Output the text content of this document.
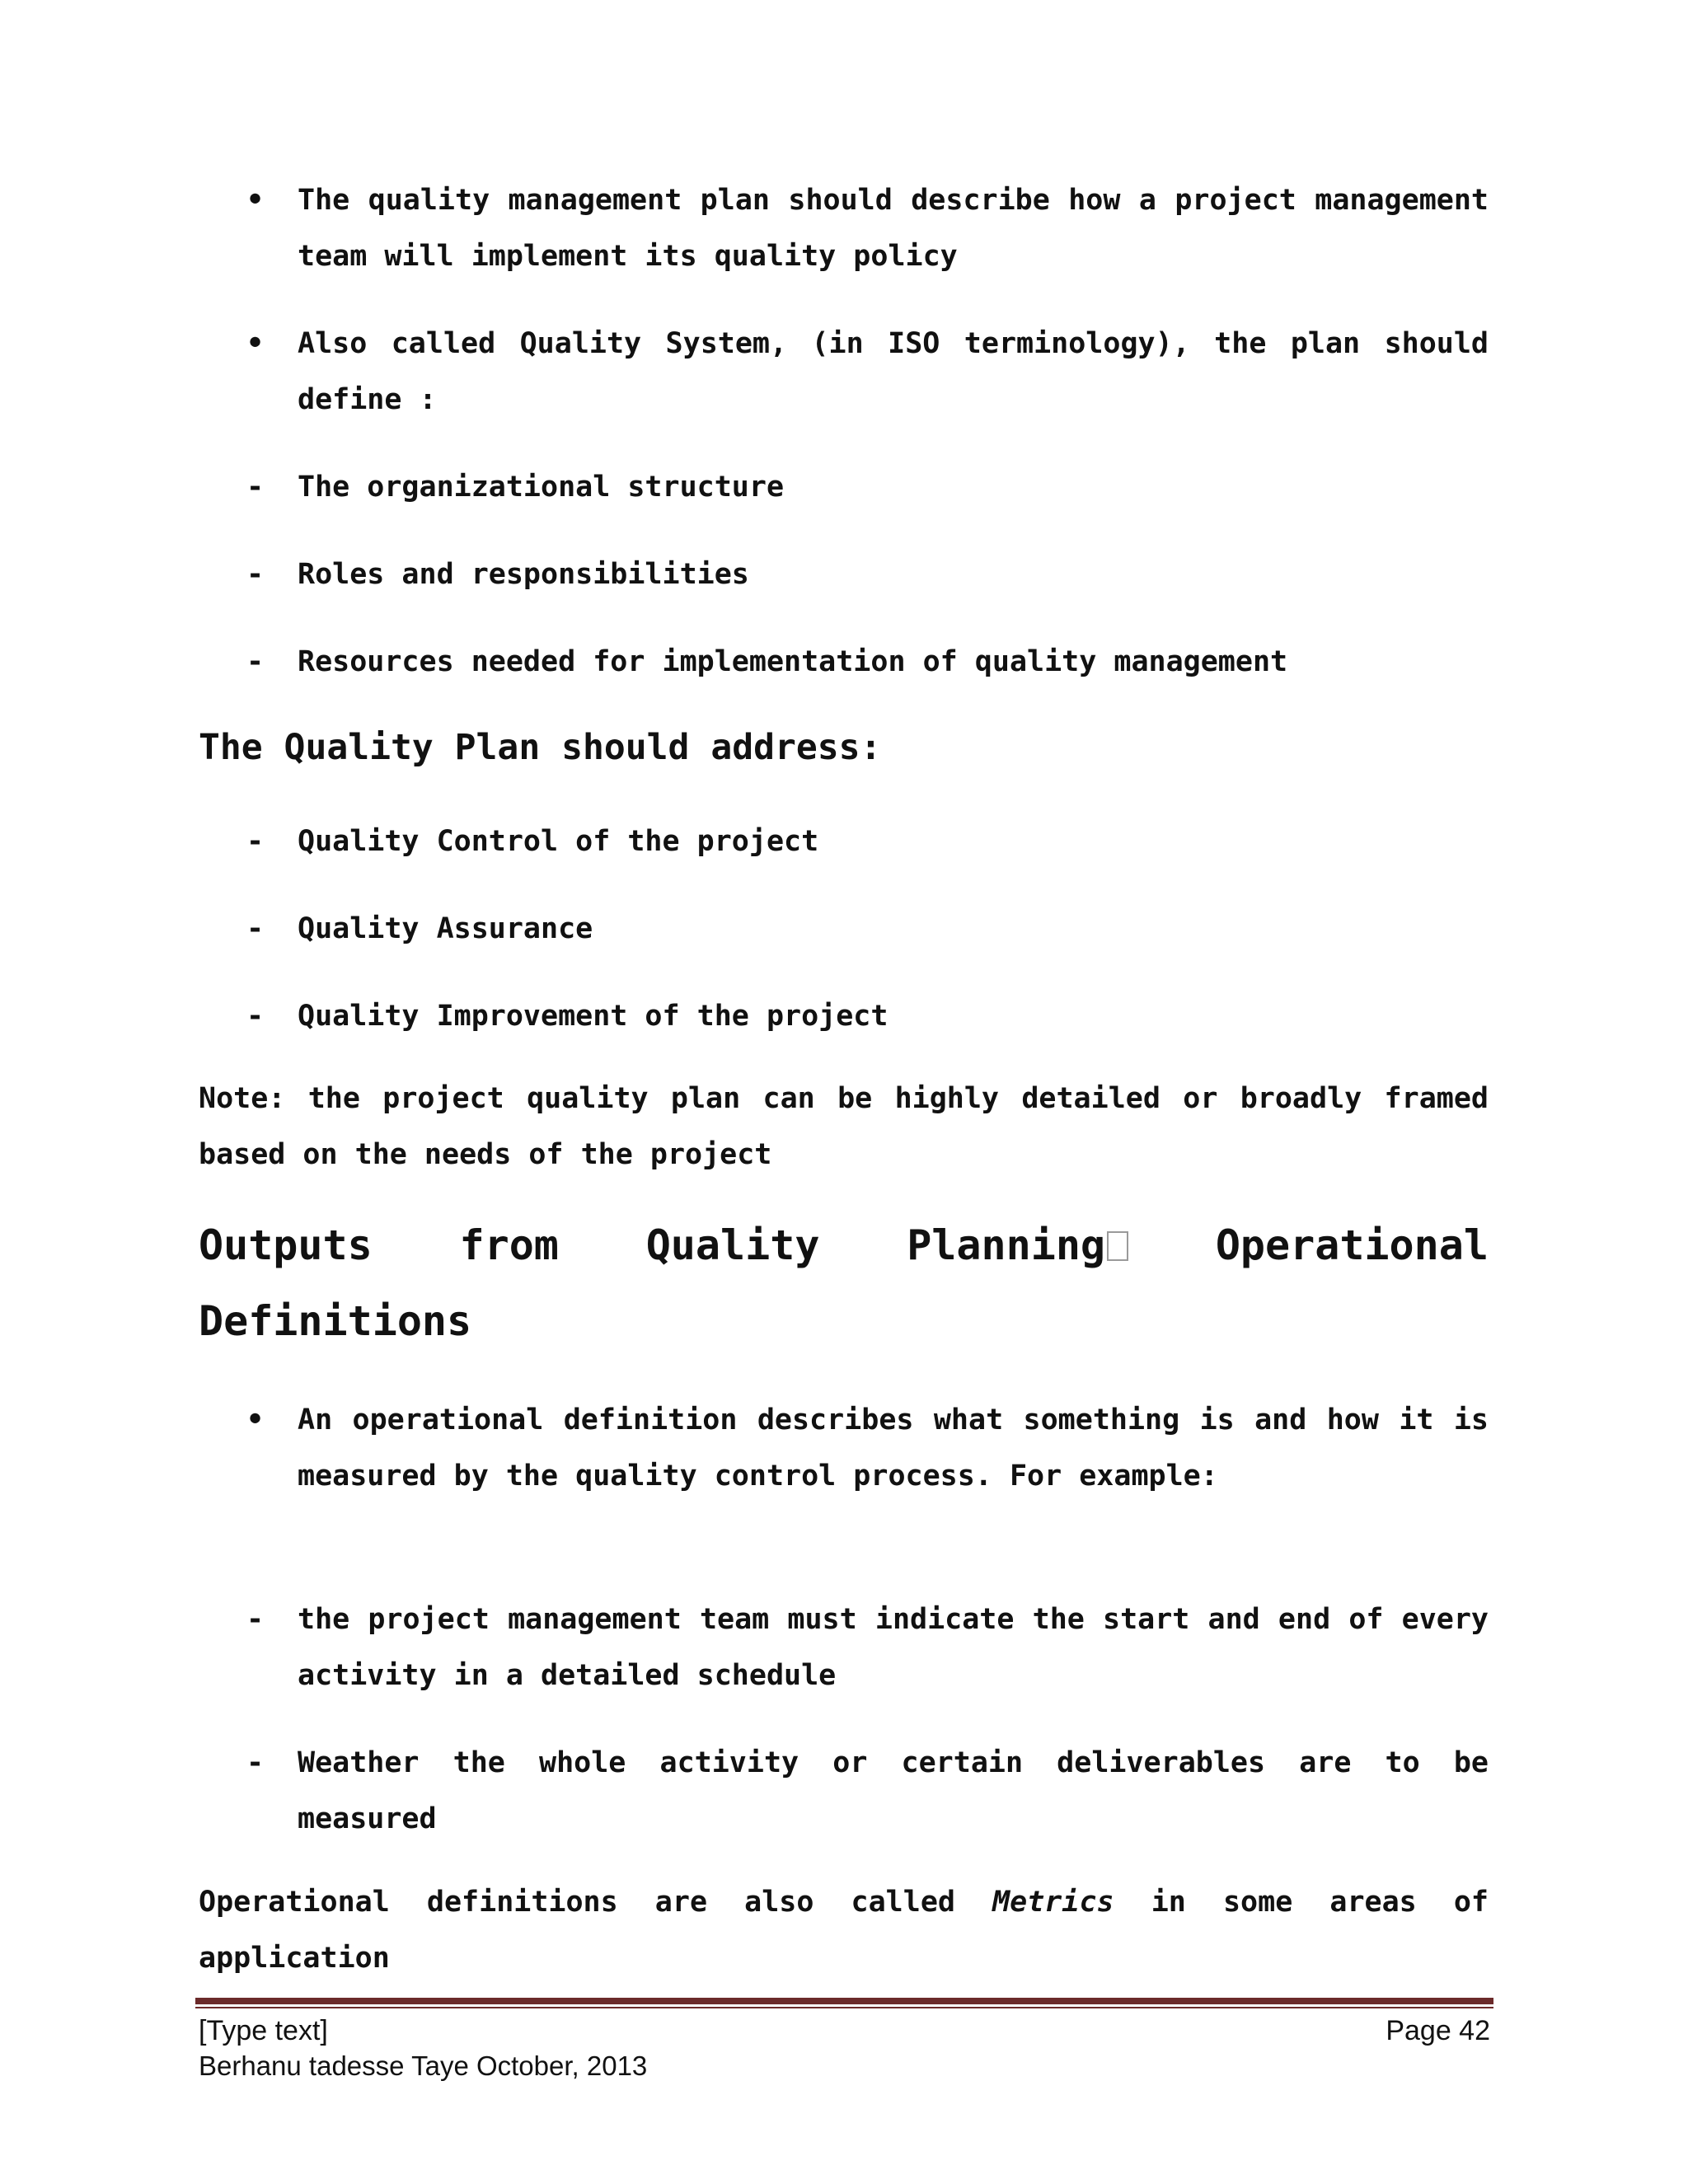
•	The quality management plan should describe how a project management team will implement its quality policy
•	Also called Quality System, (in ISO terminology), the plan should define :
-	The organizational structure
-	Roles and responsibilities
-	Resources needed for implementation of quality management
The Quality Plan should address:
-	Quality Control of the project
-	Quality Assurance
-	Quality Improvement of the project
Note: the project quality plan can be highly detailed or broadly framed based on the needs of the project
Outputs from Quality Planning	Operational
Definitions
•	An operational definition describes what something is and how it is measured by the quality control process. For example:
-	the project management team must indicate the start and end of every activity in a detailed schedule
-	Weather the whole activity or certain deliverables are to be measured
Operational definitions are also called Metrics in some areas of application
[Type text]	Page 42
Berhanu tadesse Taye October, 2013
